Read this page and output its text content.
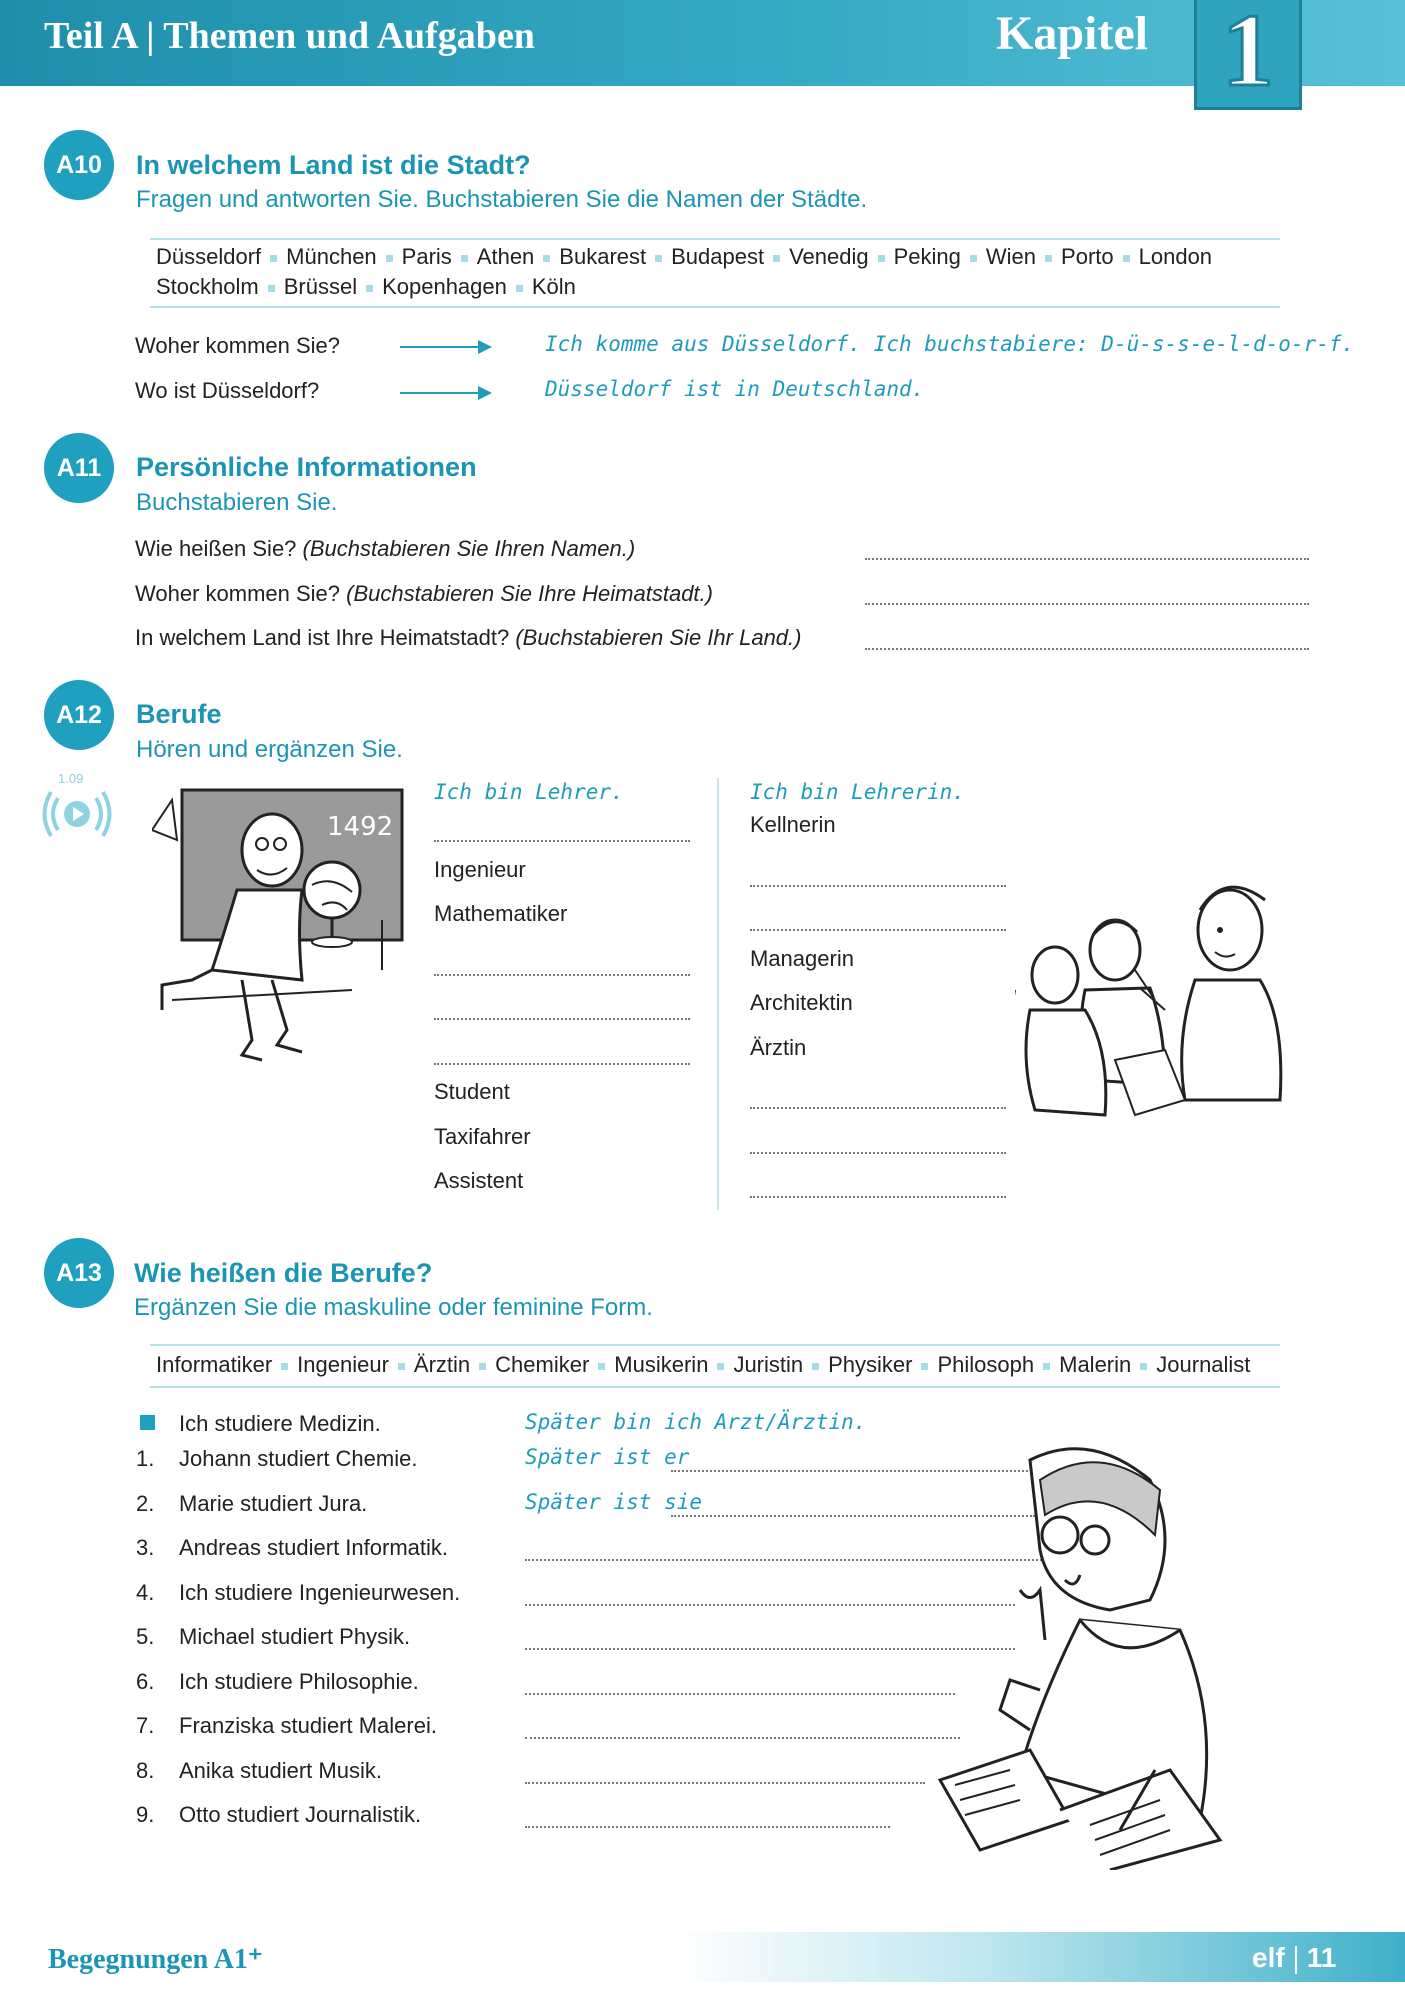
Teil A | Themen und Aufgaben	Kapitel 1
A10	In welchem Land ist die Stadt?
Fragen und antworten Sie. Buchstabieren Sie die Namen der Städte.
Düsseldorf München Paris Athen Bukarest Budapest Venedig Peking Wien Porto London
Stockholm Brüssel Kopenhagen Köln
Woher kommen Sie?	Ich komme aus Düsseldorf. Ich buchstabiere: D-ü-s-s-e-l-d-o-r-f.
Wo ist Düsseldorf?	Düsseldorf ist in Deutschland.
A11	Persönliche Informationen
Buchstabieren Sie.
Wie heißen Sie? (Buchstabieren Sie Ihren Namen.)
Woher kommen Sie? (Buchstabieren Sie Ihre Heimatstadt.)
In welchem Land ist Ihre Heimatstadt? (Buchstabieren Sie Ihr Land.)
A12	Berufe
Hören und ergänzen Sie.
1.09
1492
Ich bin Lehrer.
Ingenieur
Mathematiker
Student
Taxifahrer
Assistent
Ich bin Lehrerin.
Kellnerin
Managerin
Architektin
Ärztin
A13	Wie heißen die Berufe?
Ergänzen Sie die maskuline oder feminine Form.
Informatiker Ingenieur Ärztin Chemiker Musikerin Juristin Physiker Philosoph Malerin Journalist
Ich studiere Medizin.	Später bin ich Arzt/Ärztin.
1. Johann studiert Chemie.	Später ist er
2. Marie studiert Jura.	Später ist sie
3. Andreas studiert Informatik.
4. Ich studiere Ingenieurwesen.
5. Michael studiert Physik.
6. Ich studiere Philosophie.
7. Franziska studiert Malerei.
8. Anika studiert Musik.
9. Otto studiert Journalistik.
Begegnungen A1⁺	elf 11
